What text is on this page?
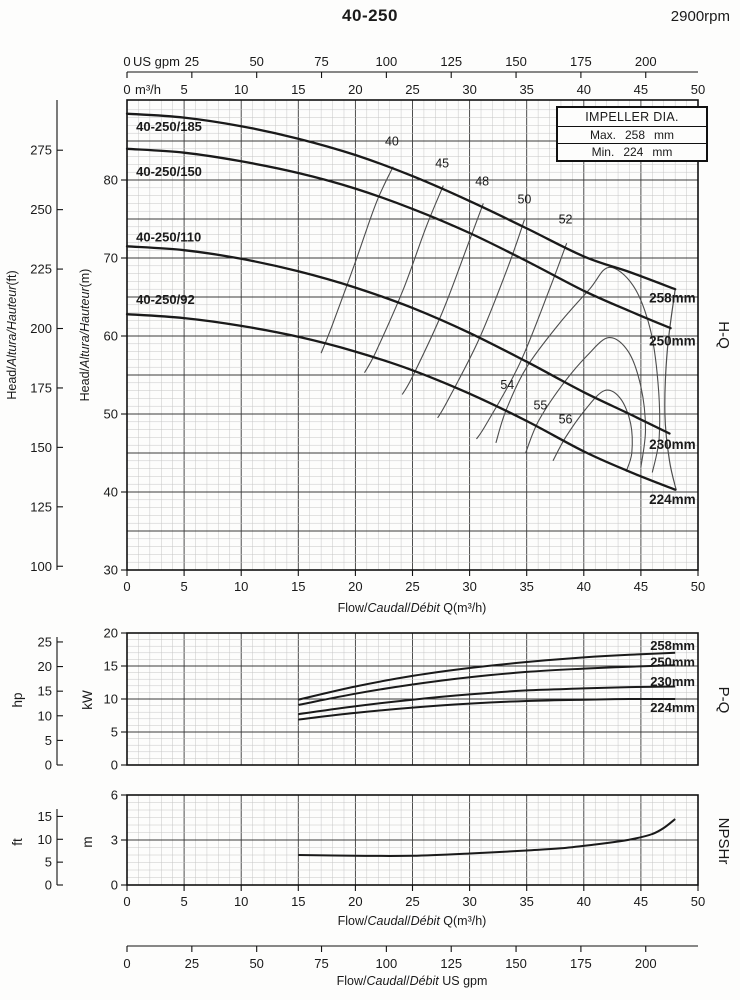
40-250	2900rpm
0	25	50	75	100	125	150	175	200
US gpm
0	5	10	15	20	25	30	35	40	45	50
m³/h
100
125
150
175
200
225
250
275
30
40
50
60
70
80
0	5	10	15	20	25	30	35	40	45	50
Flow/Caudal/Débit Q(m³/h)
40
45
48
50
52
54
55
56
40-250/185
258mm
40-250/150
250mm
40-250/110
230mm
40-250/92
224mm
Head/Altura/Hauteur(ft)
Head/Altura/Hauteur(m)
H-Q
0
5
10
15
20
25
0
5
10
15
20
258mm
250mm
230mm
224mm
hp	kW	P-Q
0
5
10
15
0
3
6
0	5	10	15	20	25	30	35	40	45	50
Flow/Caudal/Débit Q(m³/h)
ft	m	NPSHr
0	25	50	75	100	125	150	175	200
Flow/Caudal/Débit US gpm
IMPELLER DIA.
Max. 258 mm
Min. 224 mm
